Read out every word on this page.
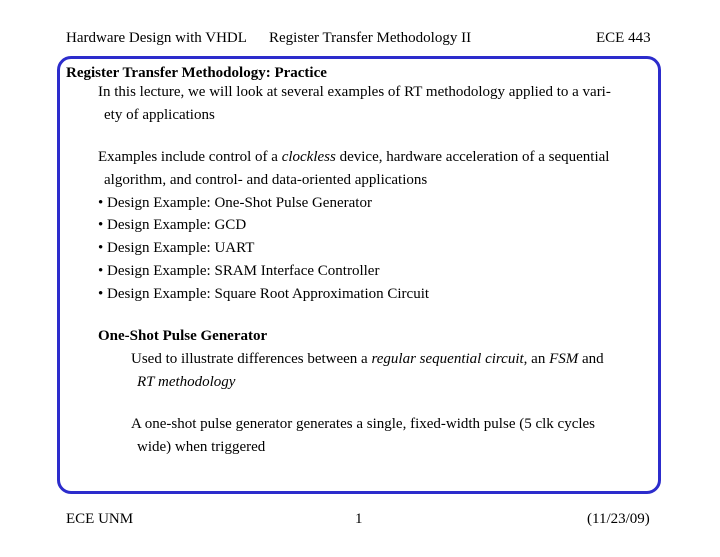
Hardware Design with VHDL Register Transfer Methodology II	ECE 443
Register Transfer Methodology: Practice
In this lecture, we will look at several examples of RT methodology applied to a vari-
ety of applications
Examples include control of a clockless device, hardware acceleration of a sequential
algorithm, and control- and data-oriented applications
• Design Example: One-Shot Pulse Generator
• Design Example: GCD
• Design Example: UART
• Design Example: SRAM Interface Controller
• Design Example: Square Root Approximation Circuit
One-Shot Pulse Generator
Used to illustrate differences between a regular sequential circuit, an FSM and
RT methodology
A one-shot pulse generator generates a single, fixed-width pulse (5 clk cycles
wide) when triggered
ECE UNM	1	(11/23/09)
